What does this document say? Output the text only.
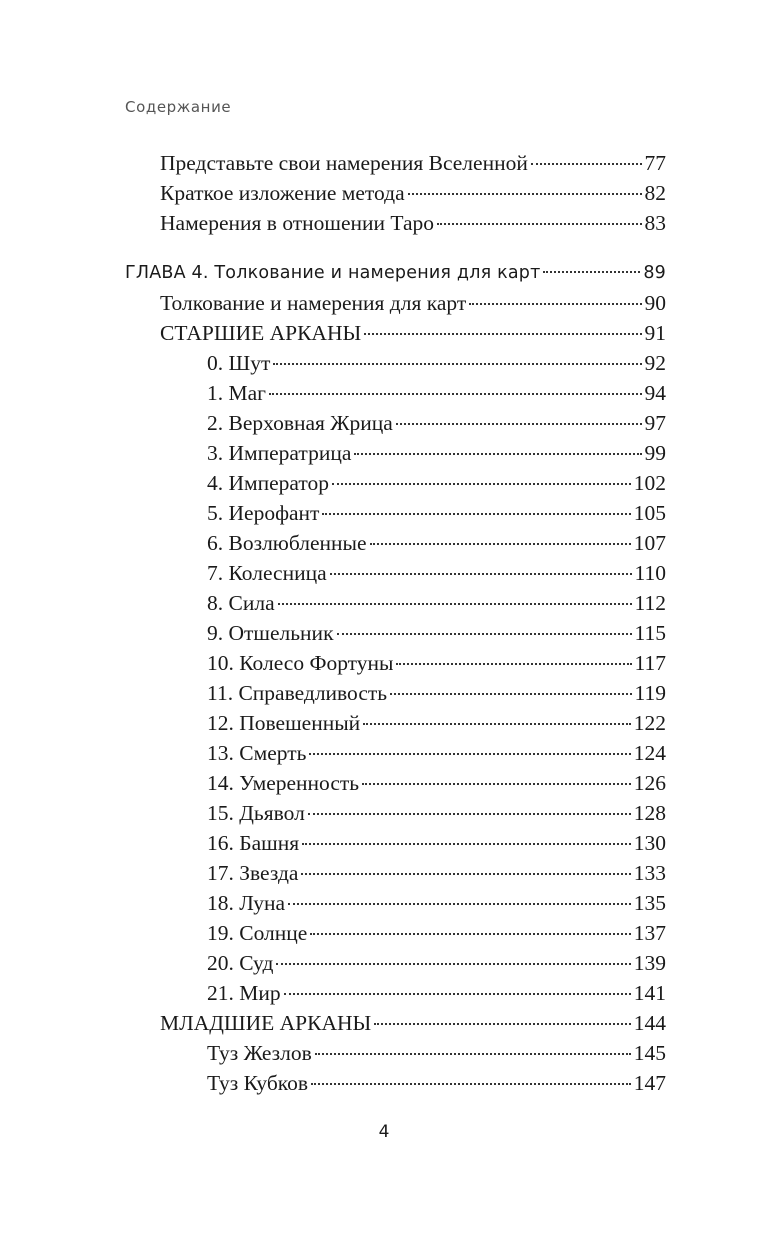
Содержание
Представьте свои намерения Вселенной	77
Краткое изложение метода	82
Намерения в отношении Таро	83
ГЛАВА 4. Толкование и намерения для карт	89
Толкование и намерения для карт	90
СТАРШИЕ АРКАНЫ	91
0. Шут	92
1. Маг	94
2. Верховная Жрица	97
3. Императрица	99
4. Император	102
5. Иерофант	105
6. Возлюбленные	107
7. Колесница	110
8. Сила	112
9. Отшельник	115
10. Колесо Фортуны	117
11. Справедливость	119
12. Повешенный	122
13. Смерть	124
14. Умеренность	126
15. Дьявол	128
16. Башня	130
17. Звезда	133
18. Луна	135
19. Солнце	137
20. Суд	139
21. Мир	141
МЛАДШИЕ АРКАНЫ	144
Туз Жезлов	145
Туз Кубков	147
4
